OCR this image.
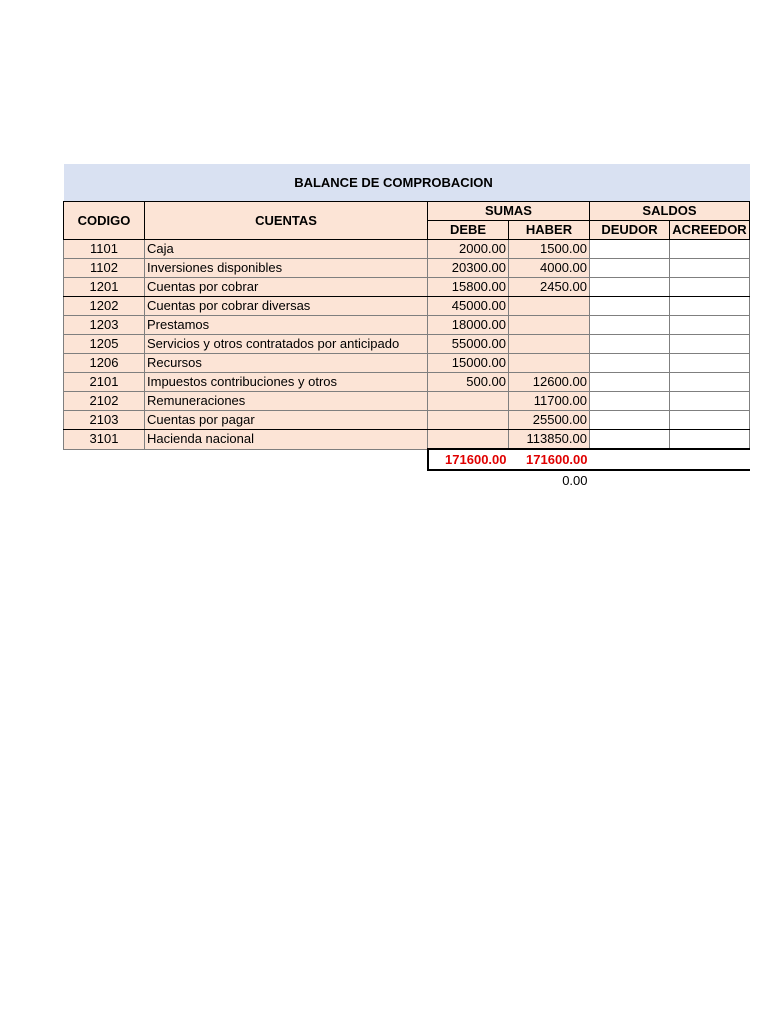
BALANCE DE COMPROBACION					
CODIGO	CUENTAS	SUMAS		SALDOS	
		DEBE	HABER	DEUDOR	ACREEDOR
1101	Caja	2000.00	1500.00		
1102	Inversiones disponibles	20300.00	4000.00		
1201	Cuentas por cobrar	15800.00	2450.00		
1202	Cuentas por cobrar diversas	45000.00			
1203	Prestamos	18000.00			
1205	Servicios y otros contratados por anticipado	55000.00			
1206	Recursos	15000.00			
2101	Impuestos contribuciones y otros	500.00	12600.00		
2102	Remuneraciones		11700.00		
2103	Cuentas por pagar		25500.00		
3101	Hacienda nacional		113850.00		
		171600.00	171600.00		
			0.00		
